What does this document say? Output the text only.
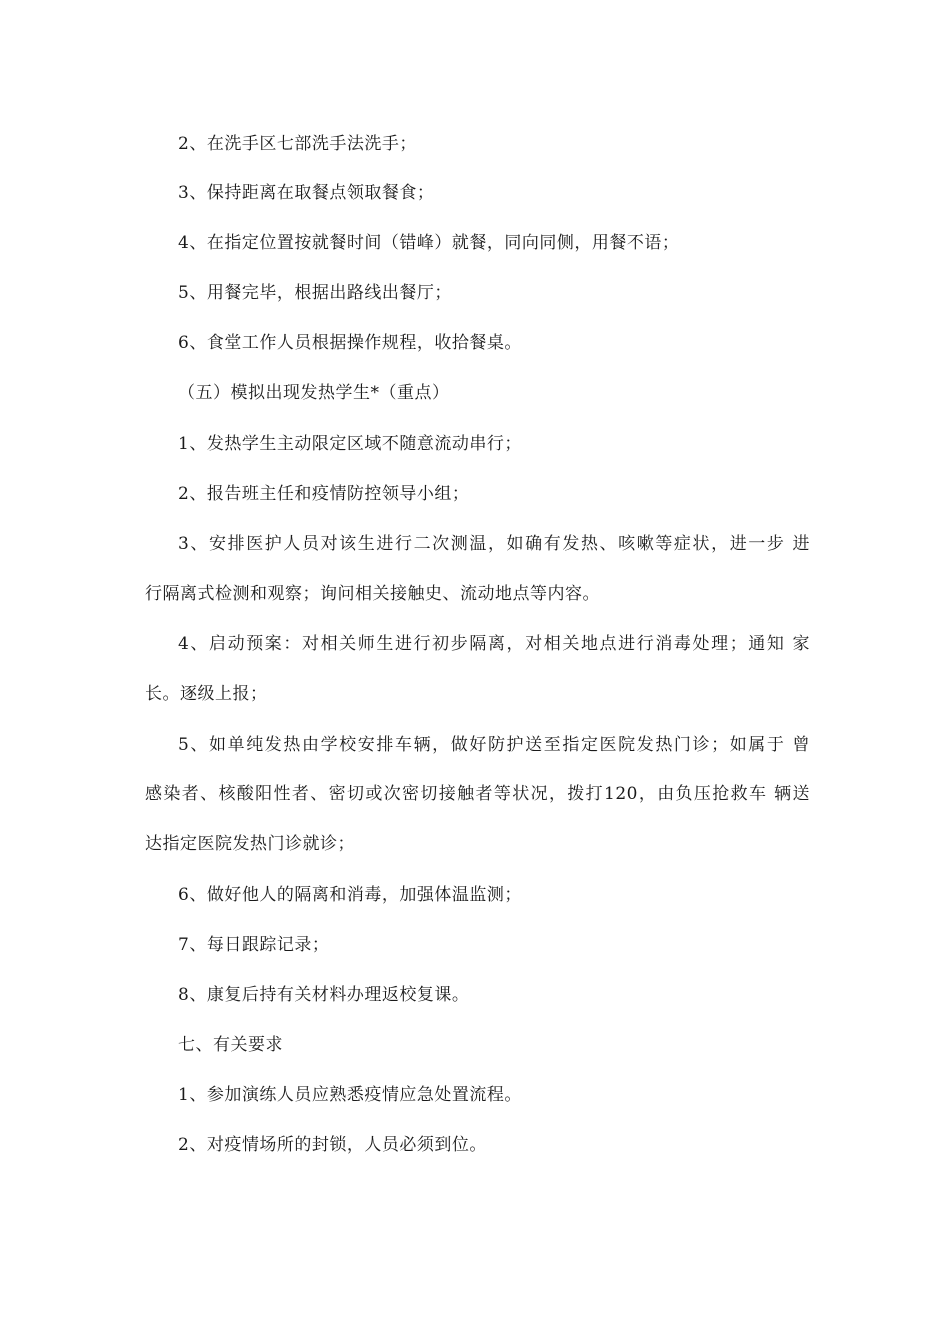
2、在洗手区七部洗手法洗手；
3、保持距离在取餐点领取餐食；
4、在指定位置按就餐时间（错峰）就餐，同向同侧，用餐不语；
5、用餐完毕，根据出路线出餐厅；
6、食堂工作人员根据操作规程，收拾餐桌。
（五）模拟出现发热学生*（重点）
1、发热学生主动限定区域不随意流动串行；
2、报告班主任和疫情防控领导小组；
3、安排医护人员对该生进行二次测温，如确有发热、咳嗽等症状，进一步 进
行隔离式检测和观察；询问相关接触史、流动地点等内容。
4、启动预案：对相关师生进行初步隔离，对相关地点进行消毒处理；通知 家
长。逐级上报；
5、如单纯发热由学校安排车辆，做好防护送至指定医院发热门诊；如属于 曾
感染者、核酸阳性者、密切或次密切接触者等状况，拨打120，由负压抢救车 辆送
达指定医院发热门诊就诊；
6、做好他人的隔离和消毒，加强体温监测；
7、每日跟踪记录；
8、康复后持有关材料办理返校复课。
七、有关要求
1、参加演练人员应熟悉疫情应急处置流程。
2、对疫情场所的封锁，人员必须到位。
